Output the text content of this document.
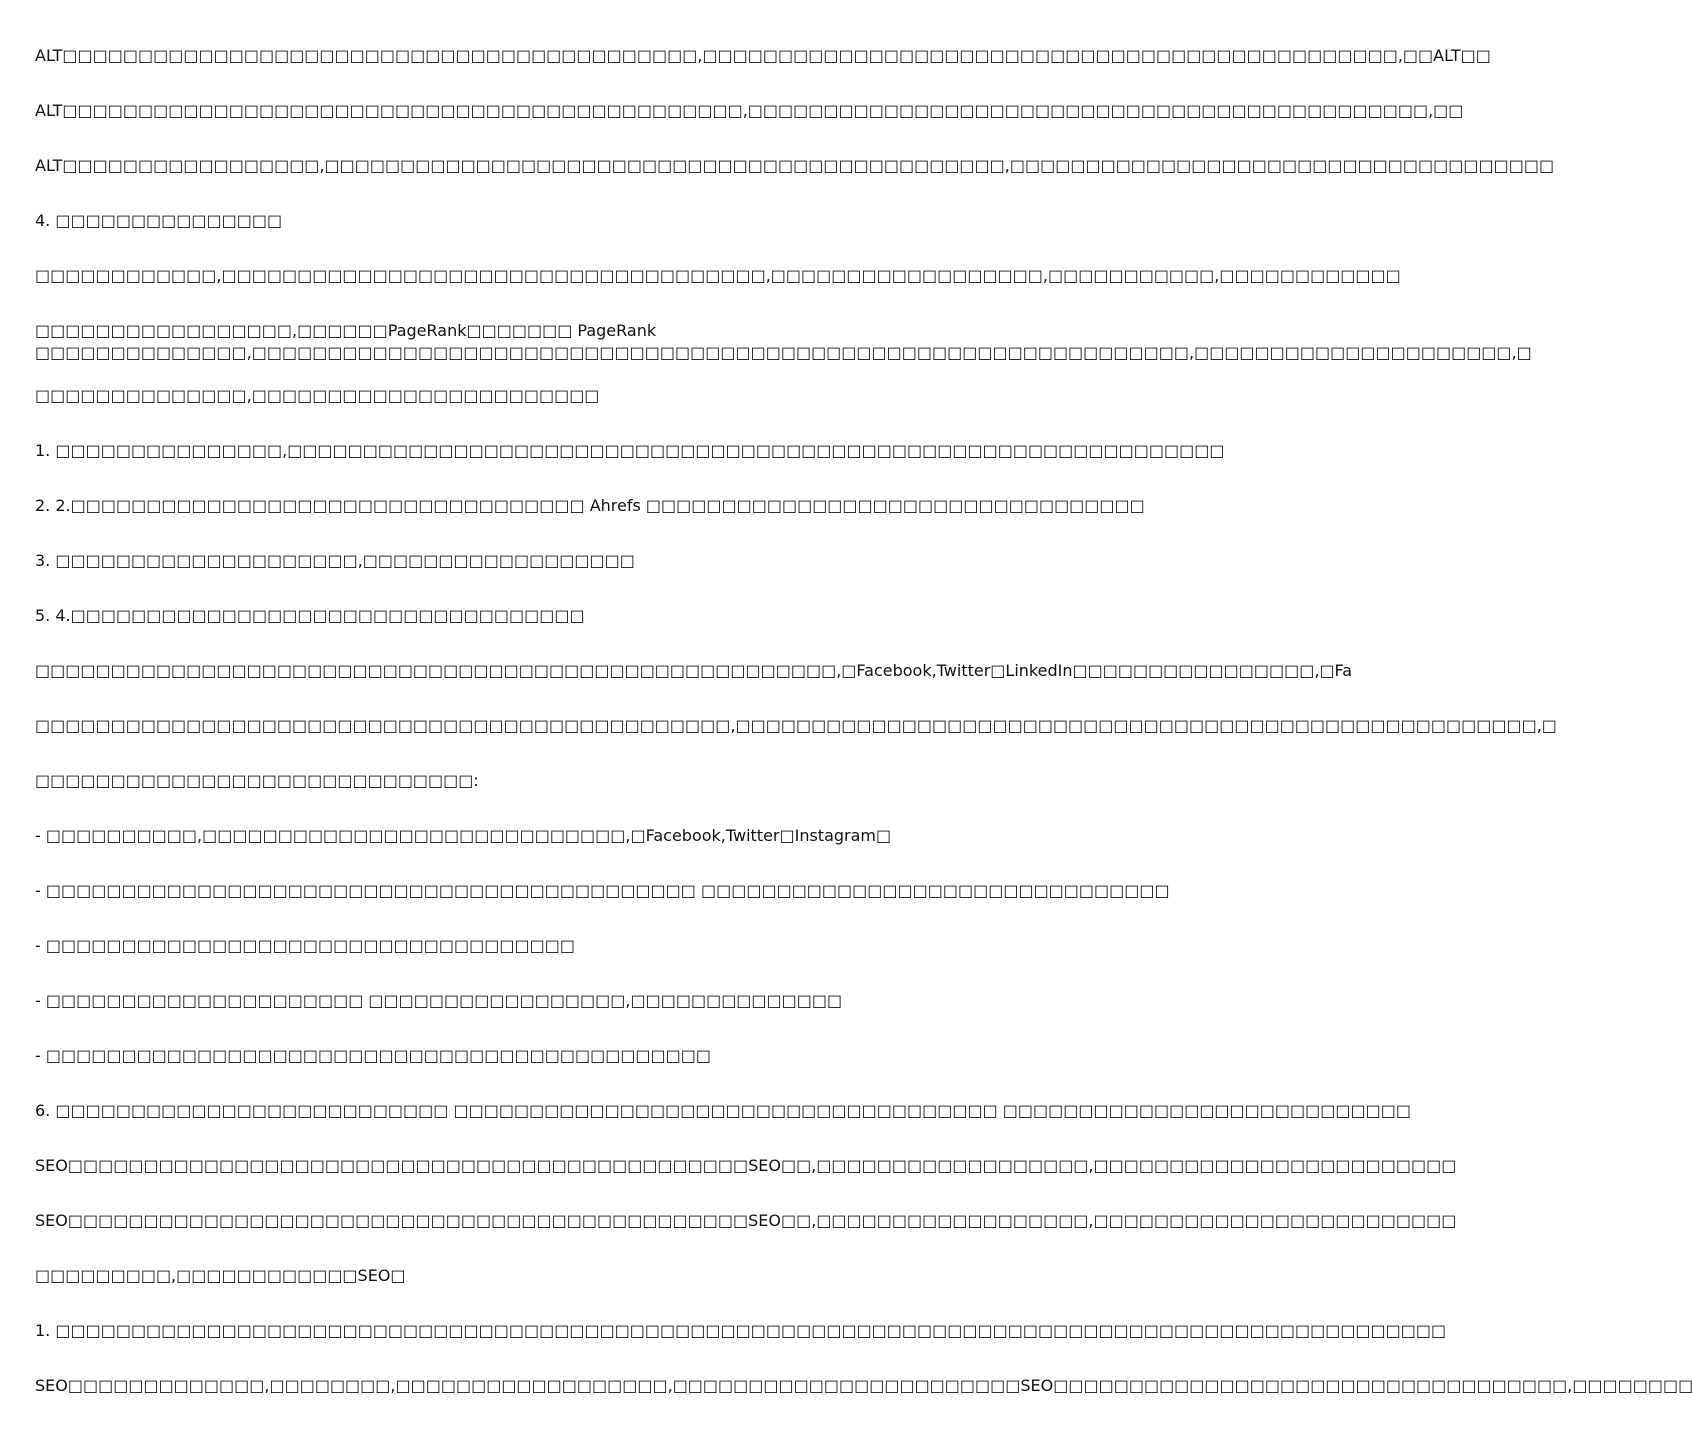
ALT□□□□□□□□□□□□□□□□□□□□□□□□□□□□□□□□□□□□□□□□□□,□□□□□□□□□□□□□□□□□□□□□□□□□□□□□□□□□□□□□□□□□□□□□□,□□ALT□□
ALT□□□□□□□□□□□□□□□□□□□□□□□□□□□□□□□□□□□□□□□□□□□□□,□□□□□□□□□□□□□□□□□□□□□□□□□□□□□□□□□□□□□□□□□□□□□,□□
ALT□□□□□□□□□□□□□□□□□,□□□□□□□□□□□□□□□□□□□□□□□□□□□□□□□□□□□□□□□□□□□□□,□□□□□□□□□□□□□□□□□□□□□□□□□□□□□□□□□□□□
4. □□□□□□□□□□□□□□□
□□□□□□□□□□□□,□□□□□□□□□□□□□□□□□□□□□□□□□□□□□□□□□□□□,□□□□□□□□□□□□□□□□□□,□□□□□□□□□□□,□□□□□□□□□□□□
□□□□□□□□□□□□□□□□□,□□□□□□PageRank□□□□□□□ PageRank
□□□□□□□□□□□□□□,□□□□□□□□□□□□□□□□□□□□□□□□□□□□□□□□□□□□□□□□□□□□□□□□□□□□□□□□□□□□□□,□□□□□□□□□□□□□□□□□□□□□,□
□□□□□□□□□□□□□□,□□□□□□□□□□□□□□□□□□□□□□□
1. □□□□□□□□□□□□□□□,□□□□□□□□□□□□□□□□□□□□□□□□□□□□□□□□□□□□□□□□□□□□□□□□□□□□□□□□□□□□□□
2. 2.□□□□□□□□□□□□□□□□□□□□□□□□□□□□□□□□□□ Ahrefs □□□□□□□□□□□□□□□□□□□□□□□□□□□□□□□□□
3. □□□□□□□□□□□□□□□□□□□□,□□□□□□□□□□□□□□□□□□
5. 4.□□□□□□□□□□□□□□□□□□□□□□□□□□□□□□□□□□
□□□□□□□□□□□□□□□□□□□□□□□□□□□□□□□□□□□□□□□□□□□□□□□□□□□□□,□Facebook,Twitter□LinkedIn□□□□□□□□□□□□□□□□,□Fa
□□□□□□□□□□□□□□□□□□□□□□□□□□□□□□□□□□□□□□□□□□□□□□,□□□□□□□□□□□□□□□□□□□□□□□□□□□□□□□□□□□□□□□□□□□□□□□□□□□□□,□
□□□□□□□□□□□□□□□□□□□□□□□□□□□□□:
- □□□□□□□□□□,□□□□□□□□□□□□□□□□□□□□□□□□□□□□,□Facebook,Twitter□Instagram□
- □□□□□□□□□□□□□□□□□□□□□□□□□□□□□□□□□□□□□□□□□□□ □□□□□□□□□□□□□□□□□□□□□□□□□□□□□□□
- □□□□□□□□□□□□□□□□□□□□□□□□□□□□□□□□□□□
- □□□□□□□□□□□□□□□□□□□□□ □□□□□□□□□□□□□□□□□,□□□□□□□□□□□□□□
- □□□□□□□□□□□□□□□□□□□□□□□□□□□□□□□□□□□□□□□□□□□□
6. □□□□□□□□□□□□□□□□□□□□□□□□□□ □□□□□□□□□□□□□□□□□□□□□□□□□□□□□□□□□□□□ □□□□□□□□□□□□□□□□□□□□□□□□□□□
SEO□□□□□□□□□□□□□□□□□□□□□□□□□□□□□□□□□□□□□□□□□□□□□SEO□□,□□□□□□□□□□□□□□□□□□,□□□□□□□□□□□□□□□□□□□□□□□□
SEO□□□□□□□□□□□□□□□□□□□□□□□□□□□□□□□□□□□□□□□□□□□□□SEO□□,□□□□□□□□□□□□□□□□□□,□□□□□□□□□□□□□□□□□□□□□□□□
□□□□□□□□□,□□□□□□□□□□□□SEO□
1. □□□□□□□□□□□□□□□□□□□□□□□□□□□□□□□□□□□□□□□□□□□□□□□□□□□□□□□□□□□□□□□□□□□□□□□□□□□□□□□□□□□□□□□□□□□□
SEO□□□□□□□□□□□□□,□□□□□□□□,□□□□□□□□□□□□□□□□□□,□□□□□□□□□□□□□□□□□□□□□□□SEO□□□□□□□□□□□□□□□□□□□□□□□□□□□□□□□□□□,□□□□□□□□
